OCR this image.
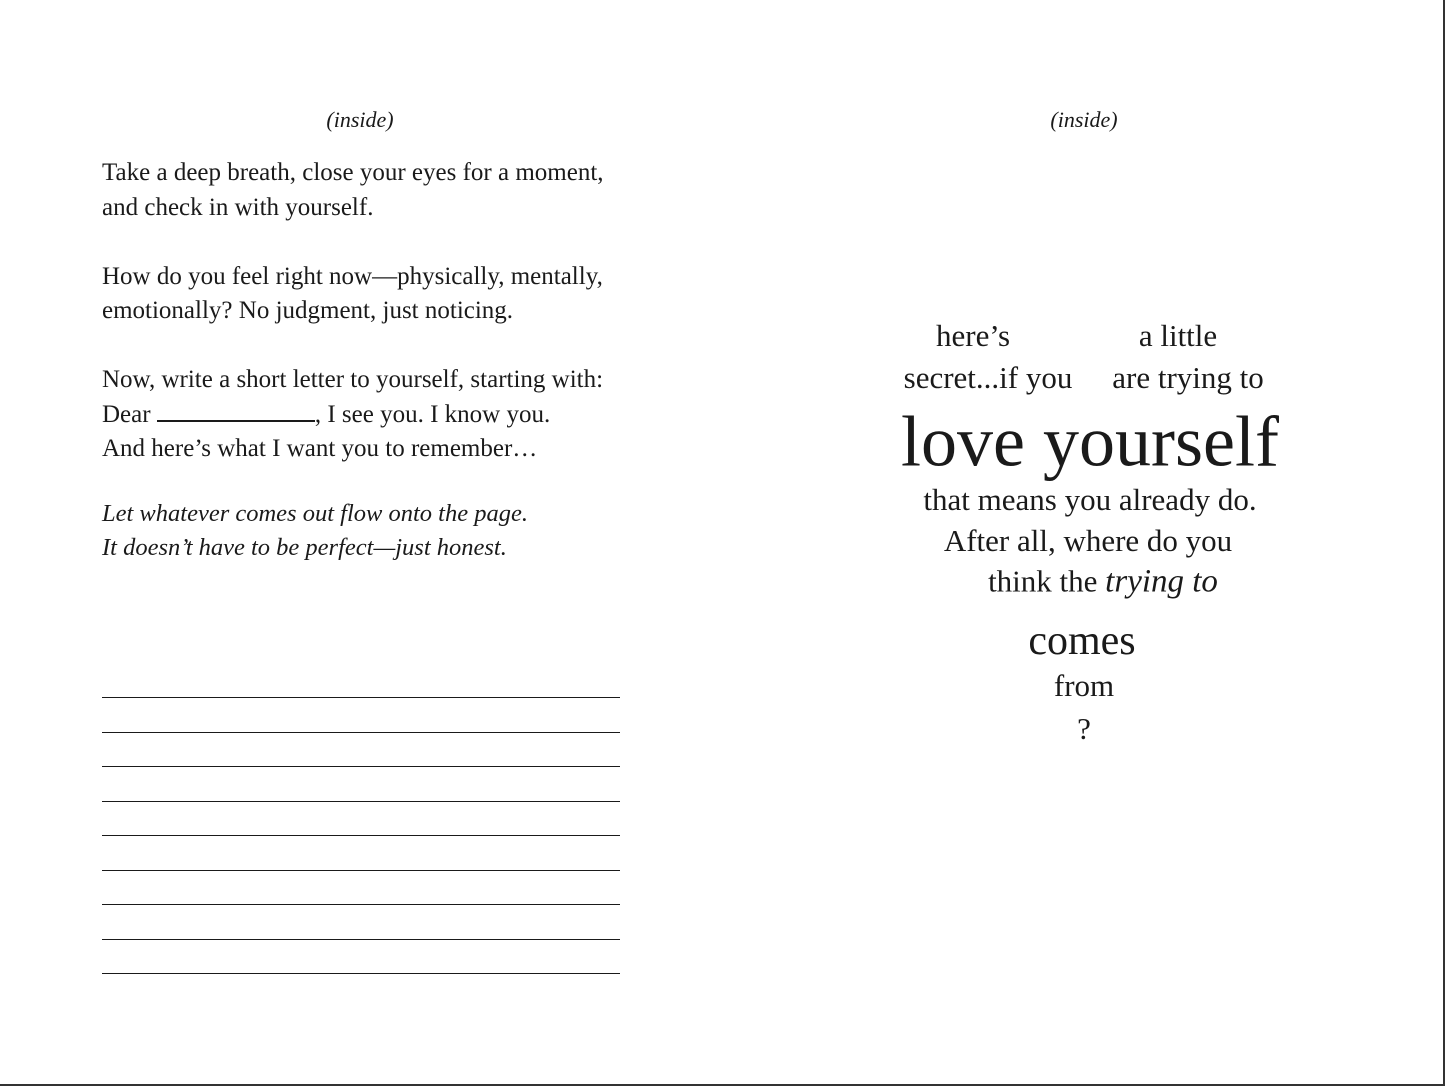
(inside)
Take a deep breath, close your eyes for a moment, and check in with yourself.
How do you feel right now—physically, mentally, emotionally? No judgment, just noticing.
Now, write a short letter to yourself, starting with:
Dear	, I see you. I know you.
And here’s what I want you to remember…
Let whatever comes out flow onto the page.
It doesn’t have to be perfect—just honest.
(inside)
here’s	a little
secret...if you are trying to
love yourself
that means you already do.
After all, where do you
think the trying to
comes
from
?
